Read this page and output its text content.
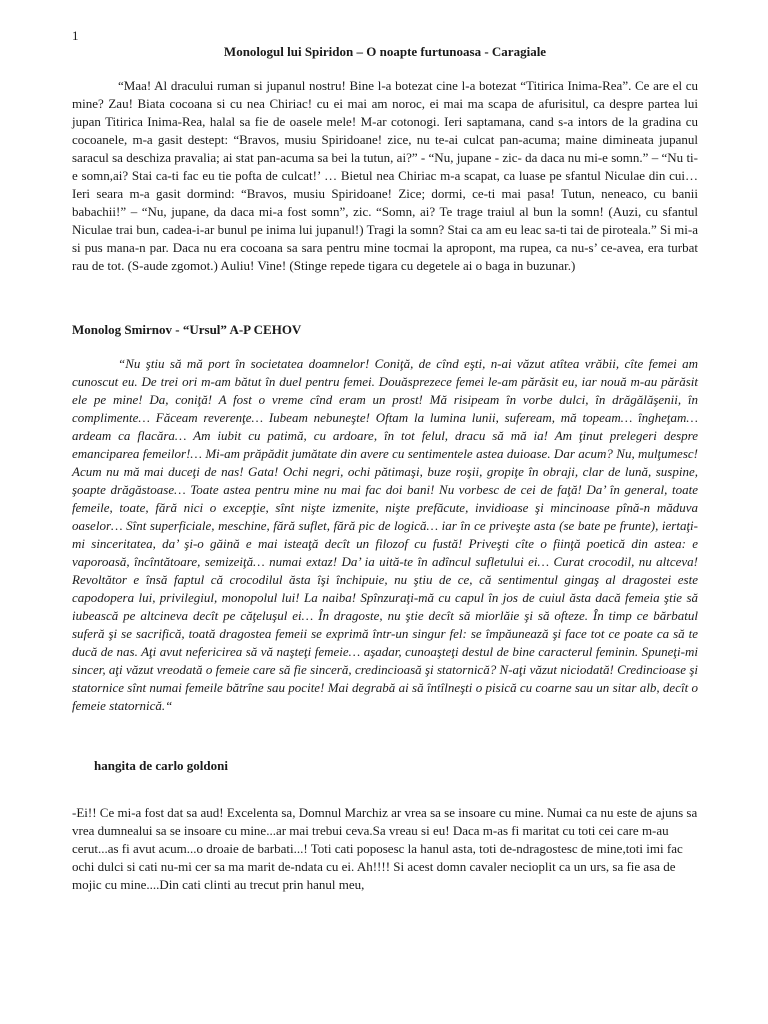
1
Monologul lui Spiridon – O noapte furtunoasa - Caragiale

“Maa! Al dracului ruman si jupanul nostru! Bine l-a botezat cine l-a botezat “Titirica Inima-Rea”. Ce are el cu mine? Zau! Biata cocoana si cu nea Chiriac! cu ei mai am noroc, ei mai ma scapa de afurisitul, ca despre partea lui jupan Titirica Inima-Rea, halal sa fie de oasele mele! M-ar cotonogi. Ieri saptamana, cand s-a intors de la gradina cu cocoanele, m-a gasit destept: “Bravos, musiu Spiridoane! zice, nu te-ai culcat pan-acuma; maine dimineata jupanul saracul sa deschiza pravalia; ai stat pan-acuma sa bei la tutun, ai?” - “Nu, jupane - zic- da daca nu mi-e somn.” – “Nu ti-e somn,ai? Stai ca-ti fac eu tie pofta de culcat!’ … Bietul nea Chiriac m-a scapat, ca luase pe sfantul Niculae din cui… Ieri seara m-a gasit dormind: “Bravos, musiu Spiridoane! Zice; dormi, ce-ti mai pasa! Tutun, neneaco, cu banii babachii!” – “Nu, jupane, da daca mi-a fost somn”, zic. “Somn, ai? Te trage traiul al bun la somn! (Auzi, cu sfantul Niculae trai bun, cadea-i-ar bunul pe inima lui jupanul!) Tragi la somn? Stai ca am eu leac sa-ti tai de piroteala.” Si mi-a si pus mana-n par. Daca nu era cocoana sa sara pentru mine tocmai la apropont, ma rupea, ca nu-s’ ce-avea, era turbat rau de tot. (S-aude zgomot.) Auliu! Vine! (Stinge repede tigara cu degetele ai o baga in buzunar.)

Monolog Smirnov - “Ursul” A-P CEHOV

“Nu ştiu să mă port în societatea doamnelor! Coniţă, de cînd eşti, n-ai văzut atîtea vrăbii, cîte femei am cunoscut eu. De trei ori m-am bătut în duel pentru femei. Douăsprezece femei le-am părăsit eu, iar nouă m-au părăsit ele pe mine! Da, coniţă! A fost o vreme cînd eram un prost! Mă risipeam în vorbe dulci, în drăgălăşenii, în complimente… Făceam reverenţe… Iubeam nebuneşte! Oftam la lumina lunii, sufeream, mă topeam… îngheţam… ardeam ca flacăra… Am iubit cu patimă, cu ardoare, în tot felul, dracu să mă ia! Am ţinut prelegeri despre emanciparea femeilor!… Mi-am prăpădit jumătate din avere cu sentimentele astea duioase. Dar acum? Nu, mulţumesc! Acum nu mă mai duceţi de nas! Gata! Ochi negri, ochi pătimaşi, buze roşii, gropiţe în obraji, clar de lună, suspine, şoapte drăgăstoase… Toate astea pentru mine nu mai fac doi bani! Nu vorbesc de cei de faţă! Da’ în general, toate femeile, toate, fără nici o excepţie, sînt nişte izmenite, nişte prefăcute, invidioase şi mincinoase pînă-n măduva oaselor… Sînt superficiale, meschine, fără suflet, fără pic de logică… iar în ce priveşte asta (se bate pe frunte), iertaţi-mi sinceritatea, da’ şi-o găină e mai isteaţă decît un filozof cu fustă! Priveşti cîte o fiinţă poetică din astea: e vaporoasă, încîntătoare, semizeiţă… numai extaz! Da’ ia uită-te în adîncul sufletului ei… Curat crocodil, nu altceva! Revoltător e însă faptul că crocodilul ăsta îşi închipuie, nu ştiu de ce, că sentimentul gingaş al dragostei este capodopera lui, privilegiul, monopolul lui! La naiba! Spînzuraţi-mă cu capul în jos de cuiul ăsta dacă femeia ştie să iubească pe altcineva decît pe căţeluşul ei… În dragoste, nu ştie decît să miorlăie şi să ofteze. În timp ce bărbatul suferă şi se sacrifică, toată dragostea femeii se exprimă într-un singur fel: se împăunează şi face tot ce poate ca să te ducă de nas. Aţi avut nefericirea să vă naşteţi femeie… aşadar, cunoaşteţi destul de bine caracterul feminin. Spuneţi-mi sincer, aţi văzut vreodată o femeie care să fie sinceră, credincioasă şi statornică? N-aţi văzut niciodată! Credincioase şi statornice sînt numai femeile bătrîne sau pocite! Mai degrabă ai să întîlneşti o pisică cu coarne sau un sitar alb, decît o femeie statornică.“

hangita de carlo goldoni

-Ei!! Ce mi-a fost dat sa aud! Excelenta sa, Domnul Marchiz ar vrea sa se insoare cu mine. Numai ca nu este de ajuns sa vrea dumnealui sa se insoare cu mine...ar mai trebui ceva.Sa vreau si eu! Daca m-as fi maritat cu toti cei care m-au cerut...as fi avut acum...o droaie de barbati...! Toti cati poposesc la hanul asta, toti de-ndragostesc de mine,toti imi fac ochi dulci si cati nu-mi cer sa ma marit de-ndata cu ei. Ah!!!! Si acest domn cavaler necioplit ca un urs, sa fie asa de mojic cu mine....Din cati clinti au trecut prin hanul meu,
